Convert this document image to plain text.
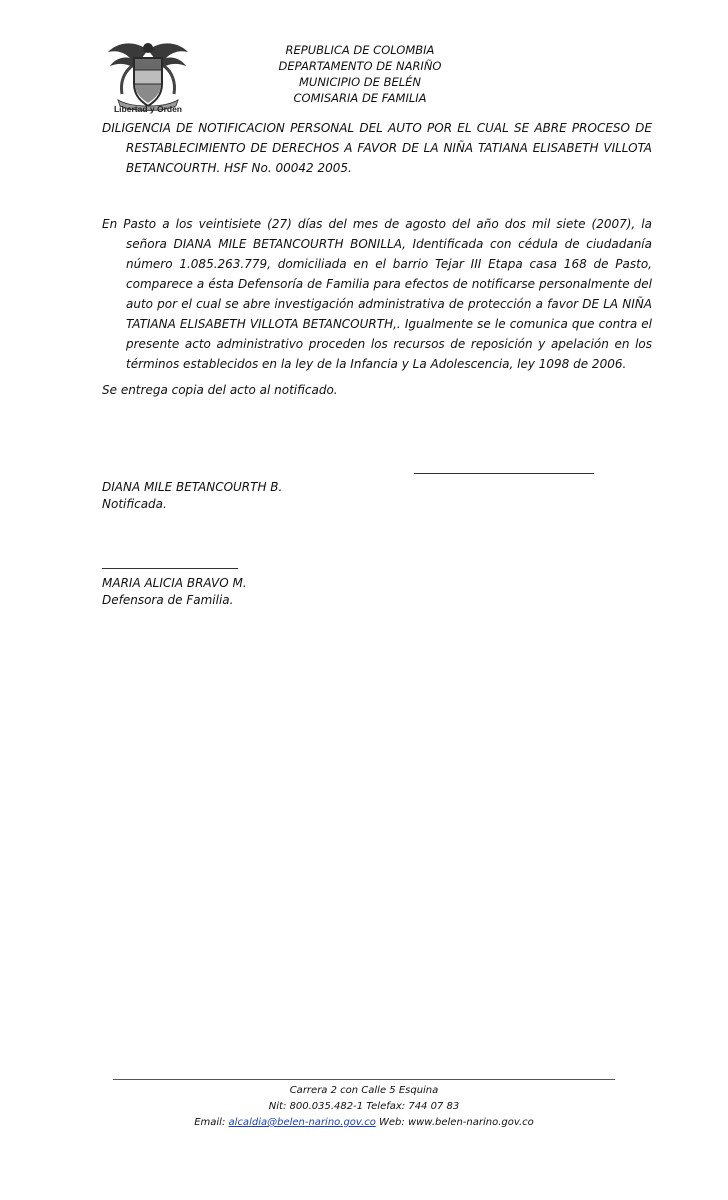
Libertad y Orden
REPUBLICA DE COLOMBIA
DEPARTAMENTO DE NARIÑO
MUNICIPIO DE BELÉN
COMISARIA DE FAMILIA
DILIGENCIA DE NOTIFICACION PERSONAL DEL AUTO POR EL CUAL SE ABRE PROCESO DE RESTABLECIMIENTO DE DERECHOS A FAVOR DE LA NIÑA TATIANA ELISABETH VILLOTA BETANCOURTH. HSF No. 00042 2005.
En Pasto a los veintisiete (27) días del mes de agosto del año dos mil siete (2007), la señora DIANA MILE BETANCOURTH BONILLA, Identificada con cédula de ciudadanía número 1.085.263.779, domiciliada en el barrio Tejar III Etapa casa 168 de Pasto, comparece a ésta Defensoría de Familia para efectos de notificarse personalmente del auto por el cual se abre investigación administrativa de protección a favor DE LA NIÑA TATIANA ELISABETH VILLOTA BETANCOURTH,. Igualmente se le comunica que contra el presente acto administrativo proceden los recursos de reposición y apelación en los términos establecidos en la ley de la Infancia y La Adolescencia, ley 1098 de 2006.
Se entrega copia del acto al notificado.
DIANA MILE BETANCOURTH B.
Notificada.
MARIA ALICIA BRAVO M.
Defensora de Familia.
Carrera 2 con Calle 5 Esquina
Nit: 800.035.482-1 Telefax: 744 07 83
Email: alcaldia@belen-narino.gov.co Web: www.belen-narino.gov.co
